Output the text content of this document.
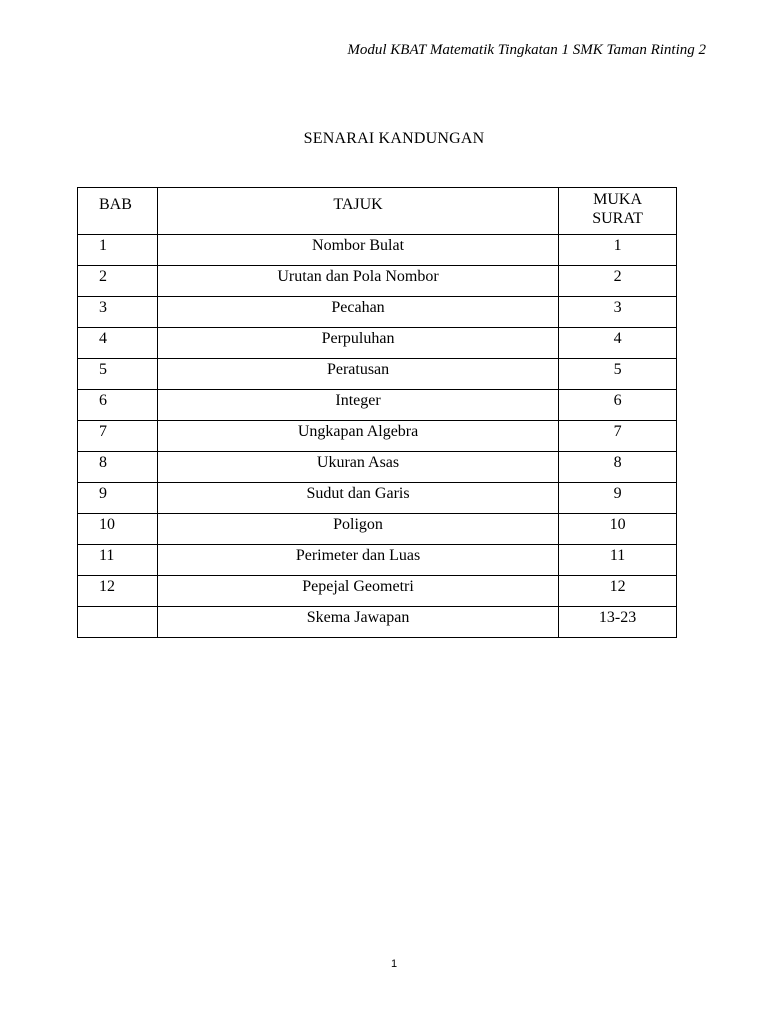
Modul KBAT Matematik Tingkatan 1 SMK Taman Rinting 2
SENARAI KANDUNGAN
BAB	TAJUK	MUKA
SURAT

1	Nombor Bulat	1
2	Urutan dan Pola Nombor	2
3	Pecahan	3
4	Perpuluhan	4
5	Peratusan	5
6	Integer	6
7	Ungkapan Algebra	7
8	Ukuran Asas	8
9	Sudut dan Garis	9
10	Poligon	10
11	Perimeter dan Luas	11
12	Pepejal Geometri	12
	Skema Jawapan	13-23
1
